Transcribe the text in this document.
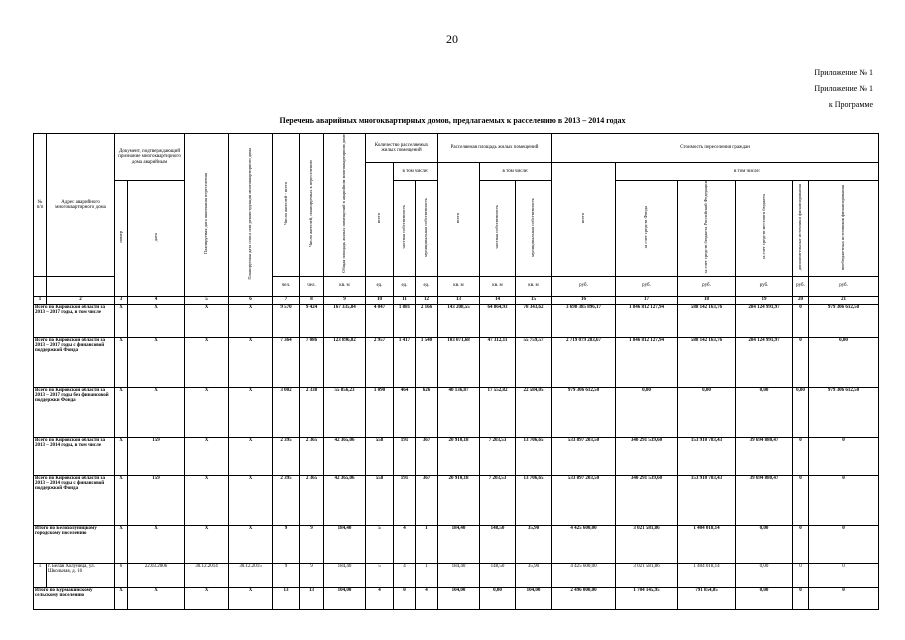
20
Приложение № 1
Приложение № 1
к Программе
Перечень аварийных многоквартирных домов, предлагаемых к расселению в 2013 – 2014 годах
№ п/п	Адрес аварийного многоквартирного дома	Документ, подтверждающий признание многоквартирного дома аварийным		Планируемая дата окончания переселения	Планируемая дата сноса или реконструкции многоквартирного дома	Число жителей - всего	Число жителей, планируемых к переселению	Общая площадь жилых помещений в аварийном многоквартирном доме	Количество расселяемых жилых помещений			Расселяемая площадь жилых помещений			Стоимость переселения граждан					
									всего	в том числе:		всего	в том числе:		всего	в том числе:				
		номер	дата							частная собственность	муниципальная собственность		частная собственность	муниципальная собственность		за счет средств Фонда	за счет средств бюджета Российской Федерации	за счет средств местного бюджета	дополнительные источники финансирования	внебюджетных источников финансирования
						чел.	чел.	кв. м	ед.	ед.	ед.	кв. м	кв. м	кв. м	руб.	руб.	руб.	руб.	руб.	руб.
1	2	3	4	5	6	7	8	9	10	11	12	13	14	15	16	17	18	19	20	21
Всего по Кировской области за 2013 – 2017 годы, в том числе		X	X	X	X	9 570	9 424	167 335,84	4 047	1 881	2 166	143 208,55	64 864,93	78 343,62	3 698 385 896,17	1 846 812 127,94	588 142 163,76	284 124 991,97	0	979 306 612,50
Всего по Кировской области за 2013 – 2017 годы с финансовой поддержкой Фонда		X	X	X	X	7 364	7 086	123 896,82	2 957	1 417	1 540	103 071,68	47 312,11	55 759,57	2 719 079 283,67	1 846 812 127,94	588 142 163,76	284 124 991,97	0	0,00
Всего по Кировской области за 2013 – 2017 годы без финансовой поддержки Фонда		X	X	X	X	3 002	2 338	55 856,23	1 090	464	626	40 136,87	17 552,82	22 584,05	979 306 612,50	0,00	0,00	0,00	0,00	979 306 612,50
Всего по Кировской области за 2013 – 2014 годы, в том числе		X	159	X	X	2 395	2 365	42 365,06	558	191	367	20 910,18	7 203,53	13 706,65	533 897 203,50	340 291 539,60	153 910 783,43	39 694 880,47	0	0
Всего по Кировской области за 2013 – 2014 годы с финансовой поддержкой Фонда		X	159	X	X	2 395	2 365	42 365,06	558	191	367	20 910,18	7 203,53	13 706,65	533 897 203,50	340 291 539,60	153 910 783,43	39 694 880,47	0	0
Итого по Белохолуницкому городскому поселению		X	X	X	X	9	9	184,40	5	4	1	184,40	148,50	35,90	4 425 600,00	3 021 581,86	1 404 018,14	0,00	0	0
1	г. Белая Холуница, ул. Школьная, д. 16	6	22.03.2006	30.12.2014	30.12.2015	9	9	184,40	5	4	1	184,40	148,50	35,90	4 425 600,00	3 021 581,86	1 404 018,14	0,00	0	0
Итого по Бурмакинскому сельскому поселению		X	X	X	X	13	13	104,00	4	0	4	104,00	0,00	104,00	2 496 000,00	1 704 145,95	791 854,05	0,00	0	0
